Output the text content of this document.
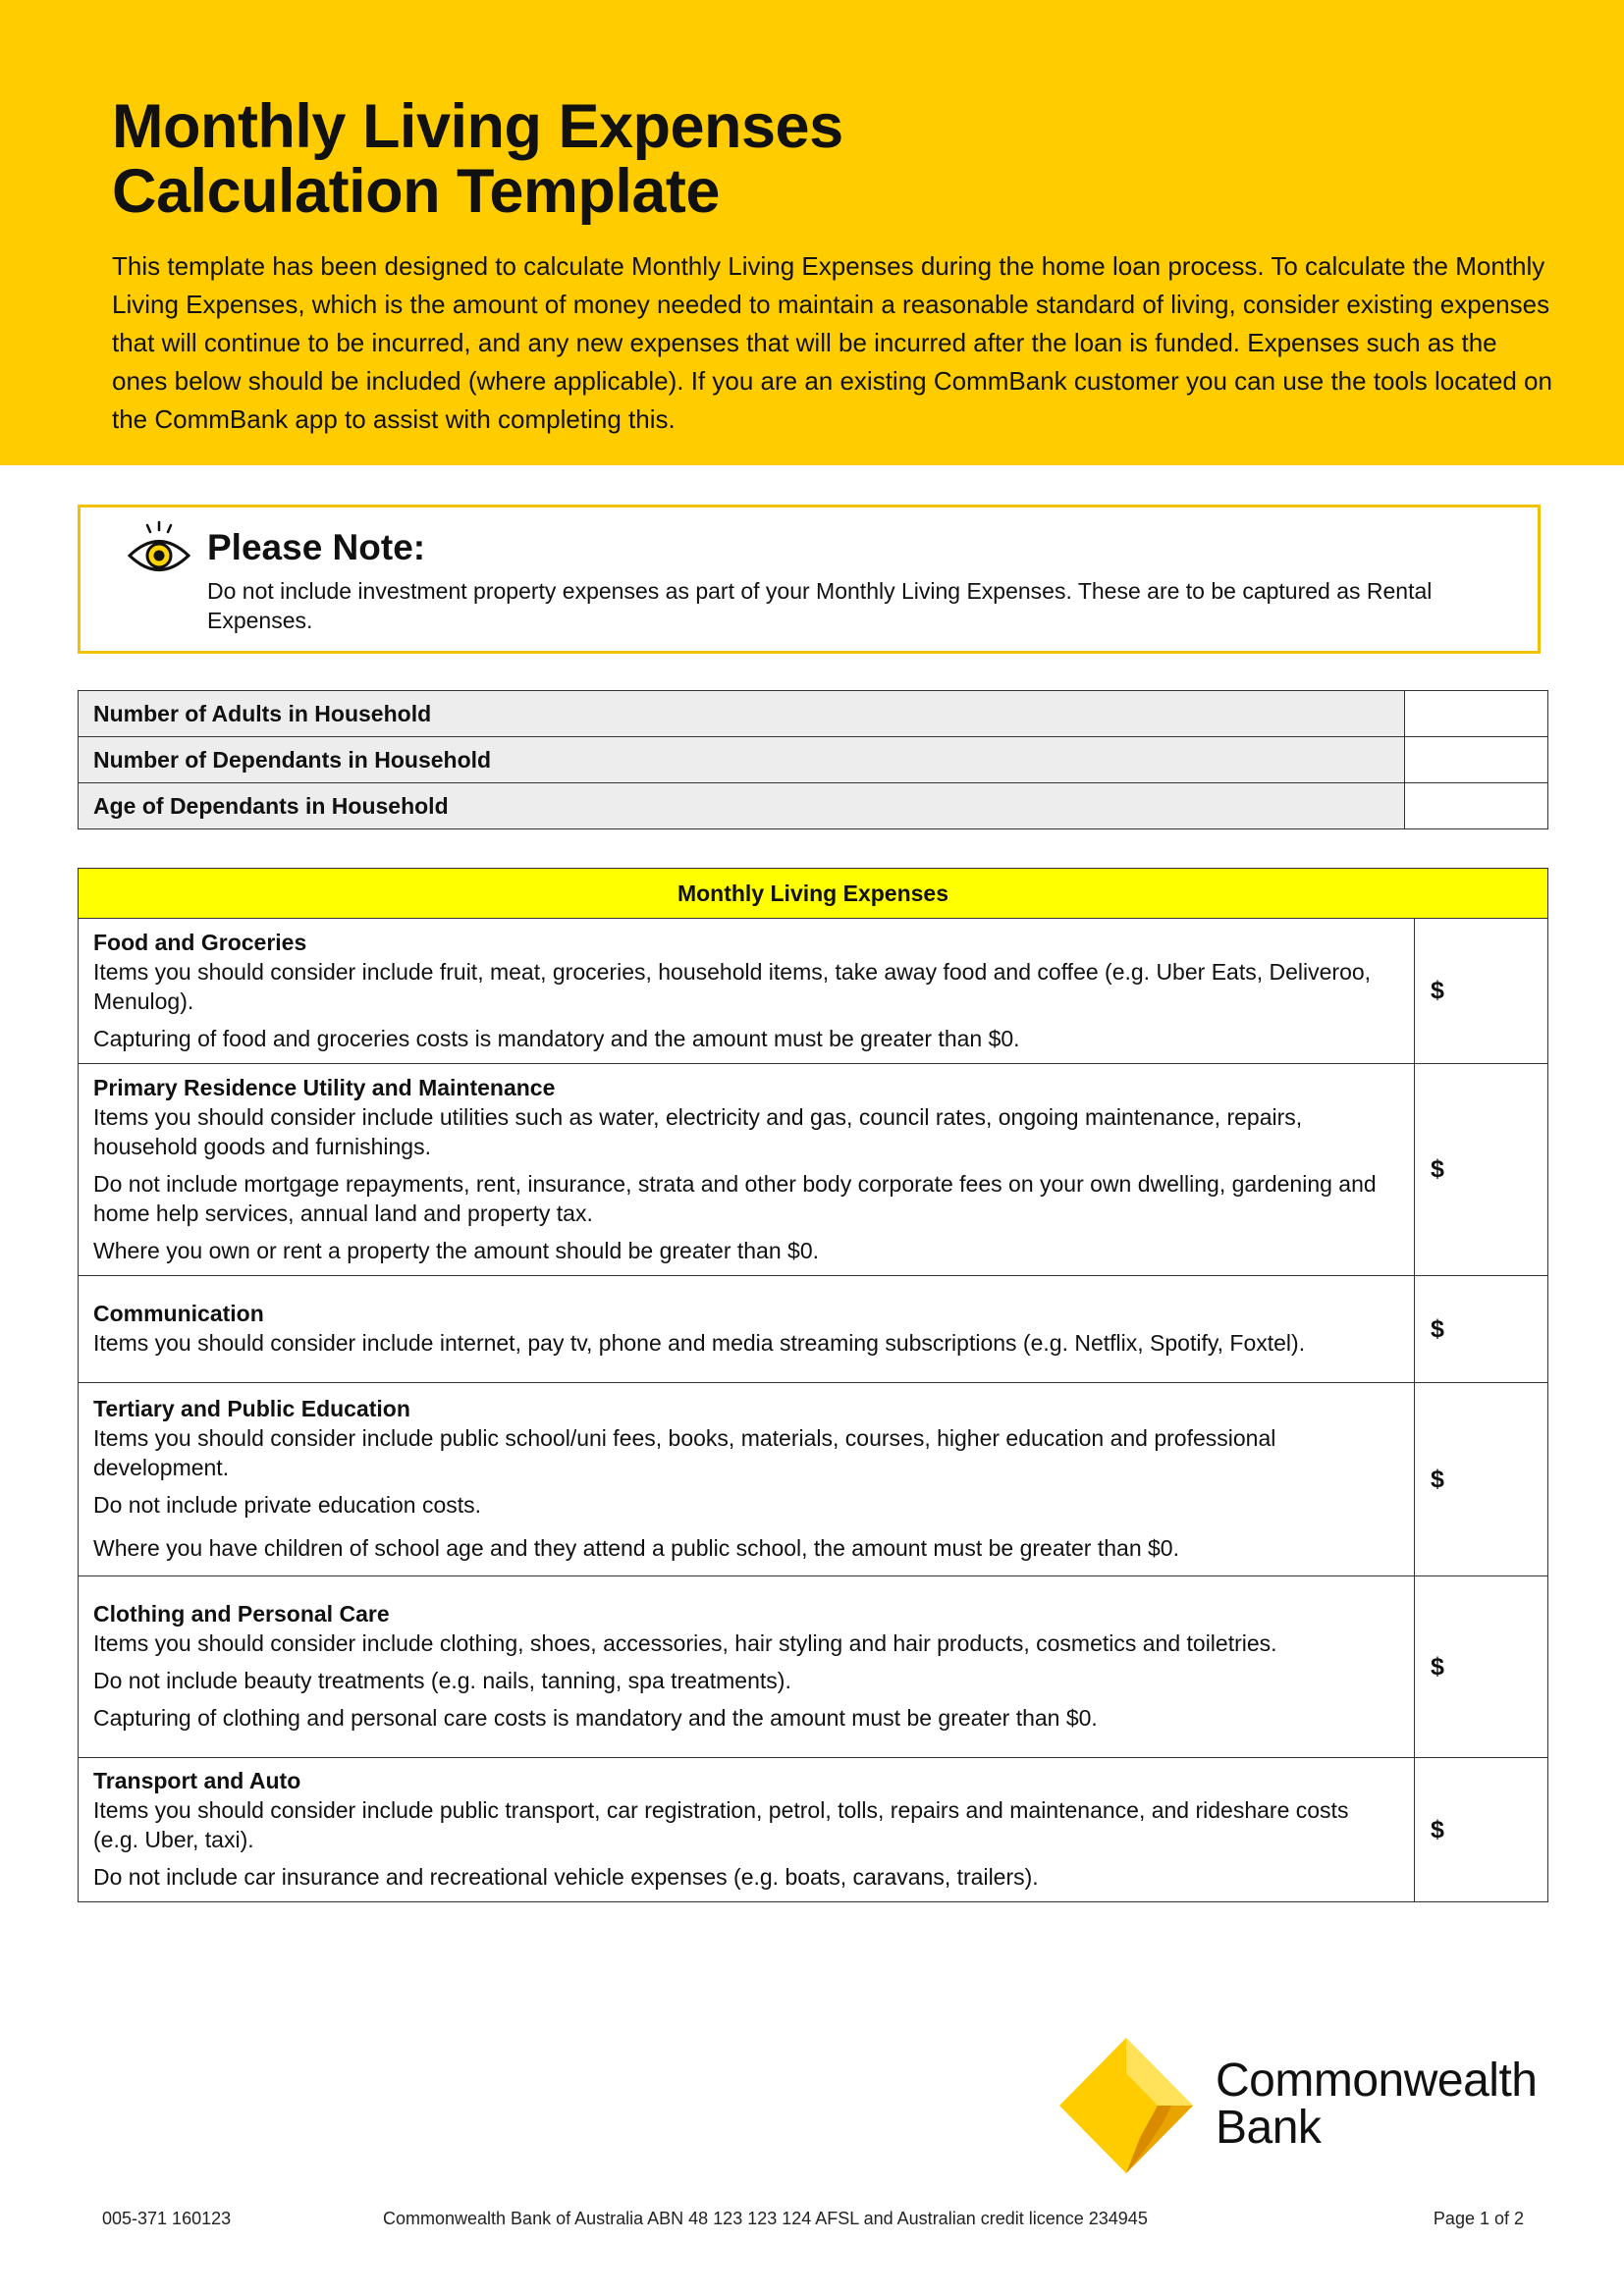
Monthly Living Expenses
Calculation Template
This template has been designed to calculate Monthly Living Expenses during the home loan process. To calculate the Monthly Living Expenses, which is the amount of money needed to maintain a reasonable standard of living, consider existing expenses that will continue to be incurred, and any new expenses that will be incurred after the loan is funded. Expenses such as the ones below should be included (where applicable). If you are an existing CommBank customer you can use the tools located on the CommBank app to assist with completing this.
Please Note:
Do not include investment property expenses as part of your Monthly Living Expenses. These are to be captured as Rental Expenses.
Number of Adults in Household	
Number of Dependants in Household	
Age of Dependants in Household	
Monthly Living Expenses	

Food and Groceries

Items you should consider include fruit, meat, groceries, household items, take away food and coffee (e.g. Uber Eats, Deliveroo, Menulog).

Capturing of food and groceries costs is mandatory and the amount must be greater than $0.	$

Primary Residence Utility and Maintenance

Items you should consider include utilities such as water, electricity and gas, council rates, ongoing maintenance, repairs, household goods and furnishings.

Do not include mortgage repayments, rent, insurance, strata and other body corporate fees on your own dwelling, gardening and home help services, annual land and property tax.

Where you own or rent a property the amount should be greater than $0.	$

Communication

Items you should consider include internet, pay tv, phone and media streaming subscriptions (e.g. Netflix, Spotify, Foxtel).	$

Tertiary and Public Education

Items you should consider include public school/uni fees, books, materials, courses, higher education and professional development.

Do not include private education costs.

Where you have children of school age and they attend a public school, the amount must be greater than $0.	$

Clothing and Personal Care

Items you should consider include clothing, shoes, accessories, hair styling and hair products, cosmetics and toiletries.

Do not include beauty treatments (e.g. nails, tanning, spa treatments).

Capturing of clothing and personal care costs is mandatory and the amount must be greater than $0.	$

Transport and Auto

Items you should consider include public transport, car registration, petrol, tolls, repairs and maintenance, and rideshare costs (e.g. Uber, taxi).

Do not include car insurance and recreational vehicle expenses (e.g. boats, caravans, trailers).	$
Commonwealth
Bank
005-371 160123	Commonwealth Bank of Australia ABN 48 123 123 124 AFSL and Australian credit licence 234945	Page 1 of 2
